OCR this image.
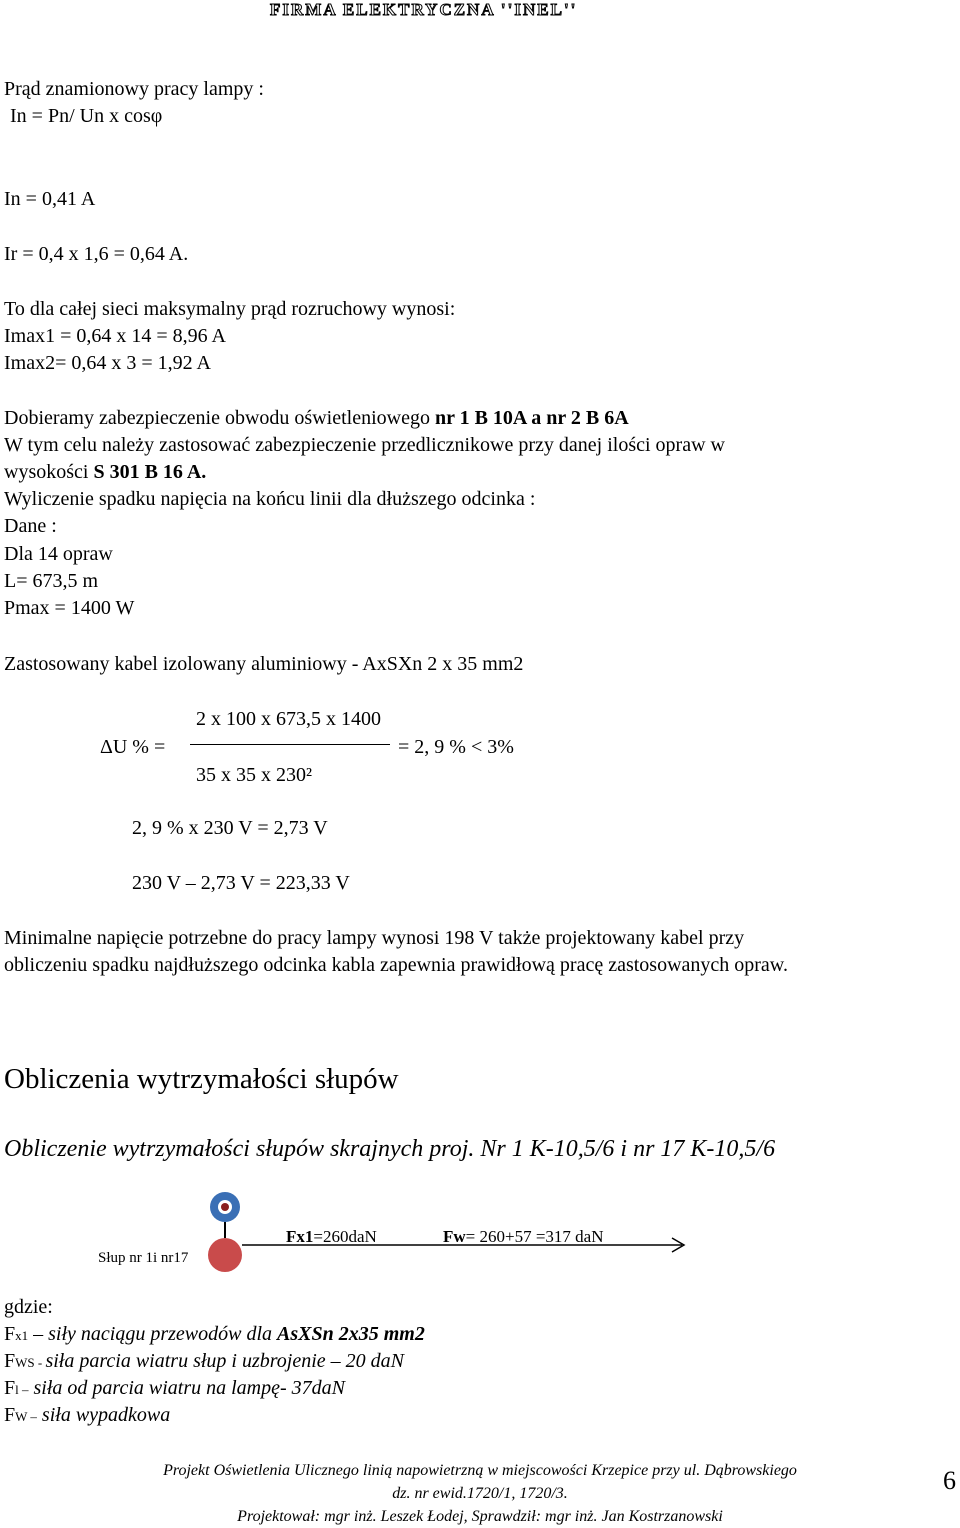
FIRMA ELEKTRYCZNA ''INEL''
Prąd znamionowy pracy lampy :
In = Pn/ Un x cosφ
In = 0,41 A
Ir = 0,4 x 1,6 = 0,64 A.
To dla całej sieci maksymalny prąd rozruchowy wynosi:
Imax1 = 0,64 x 14 = 8,96 A
Imax2= 0,64 x 3 = 1,92 A
Dobieramy zabezpieczenie obwodu oświetleniowego nr 1 B 10A a nr 2 B 6A
W tym celu należy zastosować zabezpieczenie przedlicznikowe przy danej ilości opraw w
wysokości S 301 B 16 A.
Wyliczenie spadku napięcia na końcu linii dla dłuższego odcinka :
Dane :
Dla 14 opraw
L= 673,5 m
Pmax = 1400 W
Zastosowany kabel izolowany aluminiowy - AxSXn 2 x 35 mm2
2 x 100 x 673,5 x 1400
ΔU % =	= 2, 9 % < 3%
35 x 35 x 230²
2, 9 % x 230 V = 2,73 V
230 V – 2,73 V = 223,33 V
Minimalne napięcie potrzebne do pracy lampy wynosi 198 V także projektowany kabel przy
obliczeniu spadku najdłuższego odcinka kabla zapewnia prawidłową pracę zastosowanych opraw.
Obliczenia wytrzymałości słupów
Obliczenie wytrzymałości słupów skrajnych proj. Nr 1 K-10,5/6 i nr 17 K-10,5/6
Słup nr 1i nr17
Fx1=260daN	Fw= 260+57 =317 daN
gdzie:
Fx1 – siły naciągu przewodów dla AsXSn 2x35 mm2
FWS - siła parcia wiatru słup i uzbrojenie – 20 daN
Fl – siła od parcia wiatru na lampę- 37daN
FW – siła wypadkowa
Projekt Oświetlenia Ulicznego linią napowietrzną w miejscowości Krzepice przy ul. Dąbrowskiego
dz. nr ewid.1720/1, 1720/3.
Projektował: mgr inż. Leszek Łodej, Sprawdził: mgr inż. Jan Kostrzanowski
6
